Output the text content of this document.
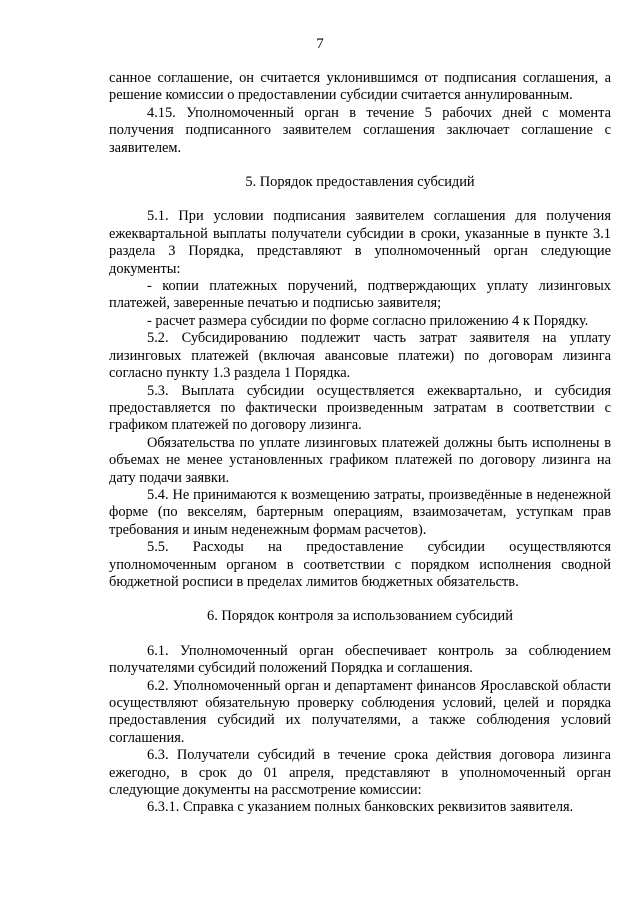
7

санное соглашение, он считается уклонившимся от подписания соглашения, а решение комиссии о предоставлении субсидии считается аннулированным.

4.15. Уполномоченный орган в течение 5 рабочих дней с момента получения подписанного заявителем соглашения заключает соглашение с заявителем.

5. Порядок предоставления субсидий

5.1. При условии подписания заявителем соглашения для получения ежеквартальной выплаты получатели субсидии в сроки, указанные в пункте 3.1 раздела 3 Порядка, представляют в уполномоченный орган следующие документы:

- копии платежных поручений, подтверждающих уплату лизинговых платежей, заверенные печатью и подписью заявителя;

- расчет размера субсидии по форме согласно приложению 4 к Порядку.

5.2. Субсидированию подлежит часть затрат заявителя на уплату лизинговых платежей (включая авансовые платежи) по договорам лизинга согласно пункту 1.3 раздела 1 Порядка.

5.3. Выплата субсидии осуществляется ежеквартально, и субсидия предоставляется по фактически произведенным затратам в соответствии с графиком платежей по договору лизинга.

Обязательства по уплате лизинговых платежей должны быть исполнены в объемах не менее установленных графиком платежей по договору лизинга на дату подачи заявки.

5.4. Не принимаются к возмещению затраты, произведённые в неденежной форме (по векселям, бартерным операциям, взаимозачетам, уступкам прав требования и иным неденежным формам расчетов).

5.5. Расходы на предоставление субсидии осуществляются уполномоченным органом в соответствии с порядком исполнения сводной бюджетной росписи в пределах лимитов бюджетных обязательств.

6. Порядок контроля за использованием субсидий

6.1. Уполномоченный орган обеспечивает контроль за соблюдением получателями субсидий положений Порядка и соглашения.

6.2. Уполномоченный орган и департамент финансов Ярославской области осуществляют обязательную проверку соблюдения условий, целей и порядка предоставления субсидий их получателями, а также соблюдения условий соглашения.

6.3. Получатели субсидий в течение срока действия договора лизинга ежегодно, в срок до 01 апреля, представляют в уполномоченный орган следующие документы на рассмотрение комиссии:

6.3.1. Справка с указанием полных банковских реквизитов заявителя.
